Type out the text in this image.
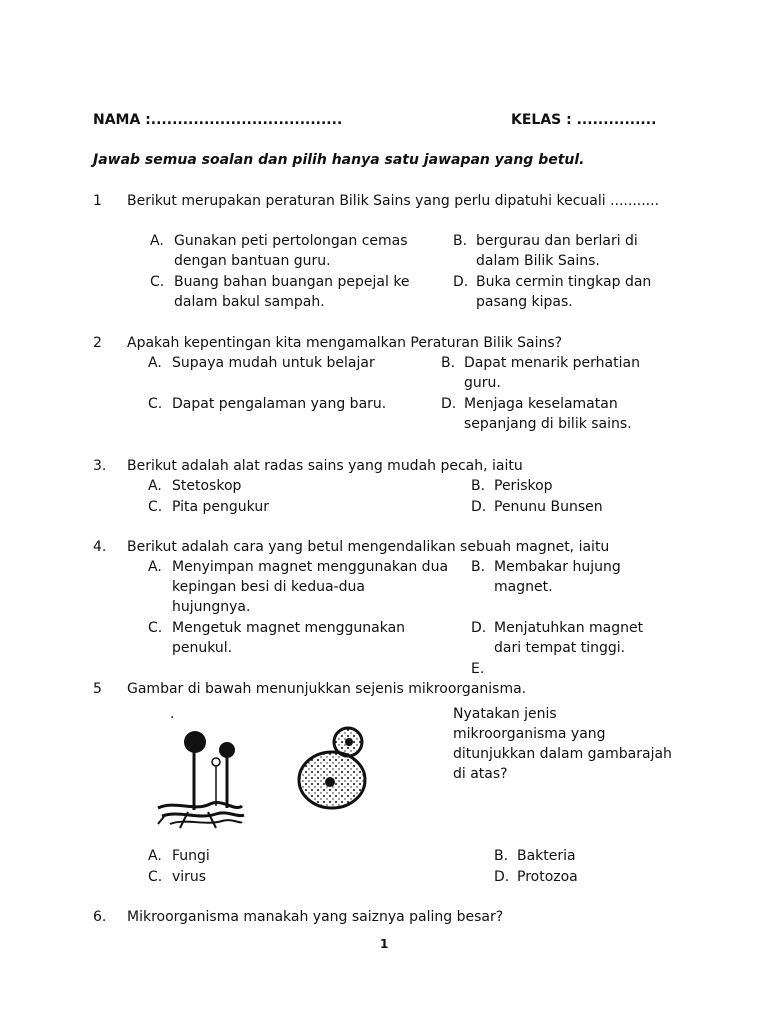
NAMA :....................................	KELAS : ...............
Jawab semua soalan dan pilih hanya satu jawapan yang betul.
1 Berikut merupakan peraturan Bilik Sains yang perlu dipatuhi kecuali ...........
A. Gunakan peti pertolongan cemas
dengan bantuan guru.
B. bergurau dan berlari di
dalam Bilik Sains.
C. Buang bahan buangan pepejal ke
dalam bakul sampah.
D. Buka cermin tingkap dan
pasang kipas.
2 Apakah kepentingan kita mengamalkan Peraturan Bilik Sains?
A. Supaya mudah untuk belajar	B. Dapat menarik perhatian
guru.
C. Dapat pengalaman yang baru.	D. Menjaga keselamatan
sepanjang di bilik sains.
3. Berikut adalah alat radas sains yang mudah pecah, iaitu
A. Stetoskop	B. Periskop
C. Pita pengukur	D. Penunu Bunsen
4. Berikut adalah cara yang betul mengendalikan sebuah magnet, iaitu
A. Menyimpan magnet menggunakan dua
kepingan besi di kedua-dua
hujungnya.
B. Membakar hujung
magnet.
C. Mengetuk magnet menggunakan
penukul.
D. Menjatuhkan magnet
dari tempat tinggi.
E.
5 Gambar di bawah menunjukkan sejenis mikroorganisma.
.	Nyatakan jenis
mikroorganisma yang
ditunjukkan dalam gambarajah
di atas?
A. Fungi	B. Bakteria
C. virus	D. Protozoa
6. Mikroorganisma manakah yang saiznya paling besar?
1
